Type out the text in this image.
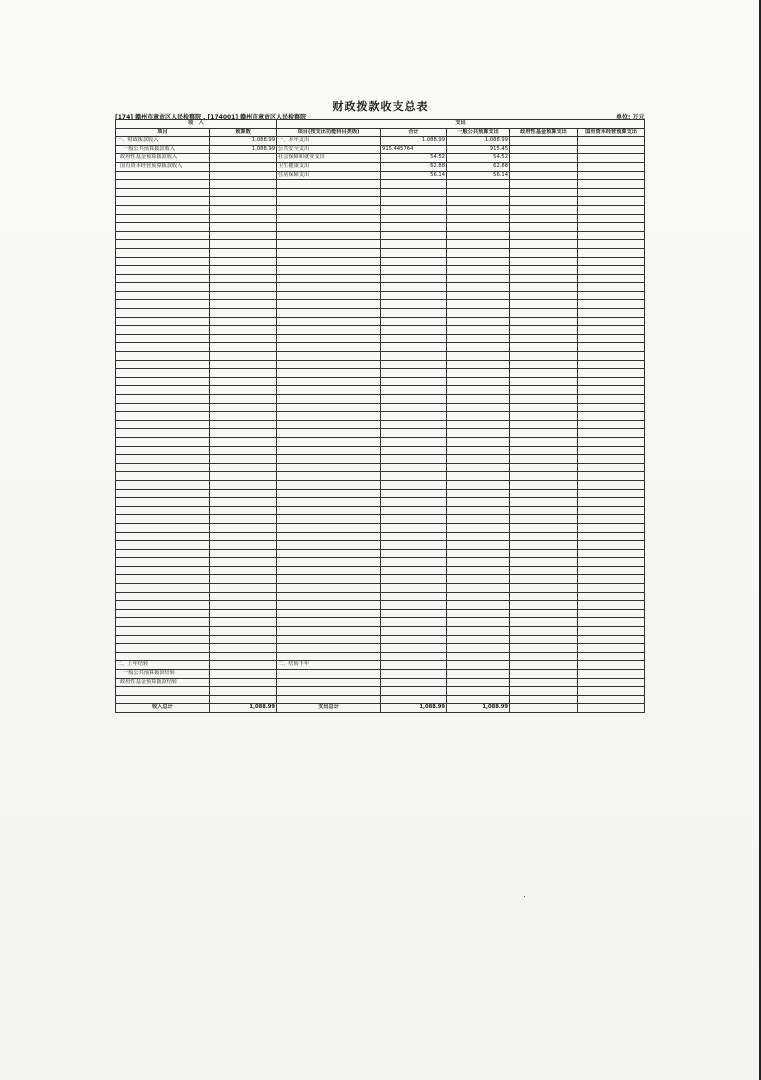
财政拨款收支总表
[174] 赣州市章贡区人民检察院 , [174001] 赣州市章贡区人民检察院	单位: 万元
收　入		支出				
项目	预算数	项目(按支出功能科目类级)	合计	一般公共预算支出	政府性基金预算支出	国有资本经营预算支出
一、财政拨款收入	1,088.99	一、本年支出	1,088.99	1,088.99		
一般公共预算拨款收入	1,088.99	公共安全支出	915.445764	915.45		
政府性基金预算拨款收入		社会保障和就业支出	54.52	54.52		
国有资本经营预算拨款收入		卫生健康支出	62.88	62.88		
		住房保障支出	56.14	56.14		

二、上年结转		二、结转下年				
一般公共预算拨款结转						
政府性基金预算拨款结转						

收入总计	1,088.99	支出总计	1,088.99	1,088.99		
